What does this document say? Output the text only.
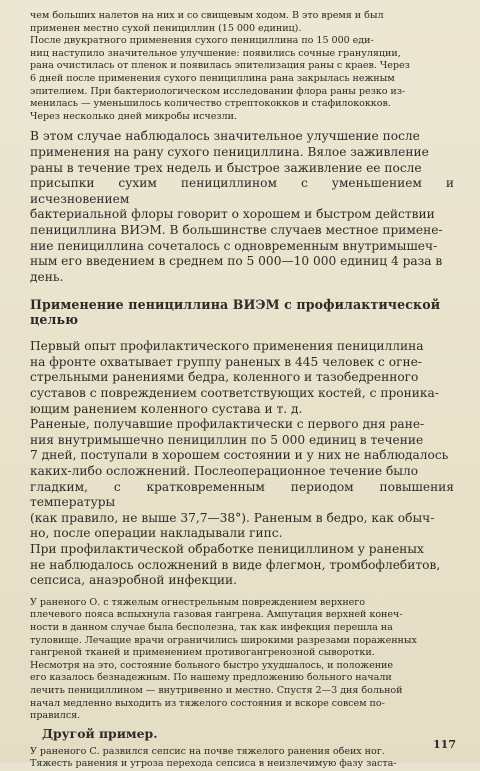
чем больших налетов на них и со свищевым ходом. В это время и был
применен местно сухой пенициллин (15 000 единиц).
После двукратного применения сухого пенициллина по 15 000 еди-
ниц наступило значительное улучшение: появились сочные грануляции,
рана очистилась от пленок и появилась эпителизация раны с краев. Через
6 дней после применения сухого пенициллина рана закрылась нежным
эпителием. При бактериологическом исследовании флора раны резко из-
менилась — уменьшилось количество стрептококков и стафилококков.
Через несколько дней микробы исчезли.

В этом случае наблюдалось значительное улучшение после
применения на рану сухого пенициллина. Вялое заживление
раны в течение трех недель и быстрое заживление ее после
присыпки сухим пенициллином с уменьшением и исчезновением
бактериальной флоры говорит о хорошем и быстром действии
пенициллина ВИЭМ. В большинстве случаев местное примене-
ние пенициллина сочеталось с одновременным внутримышеч-
ным его введением в среднем по 5 000—10 000 единиц 4 раза в
день.

Применение пенициллина ВИЭМ с профилактической целью

Первый опыт профилактического применения пенициллина
на фронте охватывает группу раненых в 445 человек с огне-
стрельными ранениями бедра, коленного и тазобедренного
суставов с повреждением соответствующих костей, с проника-
ющим ранением коленного сустава и т. д.

Раненые, получавшие профилактически с первого дня ране-
ния внутримышечно пенициллин по 5 000 единиц в течение
7 дней, поступали в хорошем состоянии и у них не наблюдалось
каких-либо осложнений. Послеоперационное течение было
гладким, с кратковременным периодом повышения температуры
(как правило, не выше 37,7—38°). Раненым в бедро, как обыч-
но, после операции накладывали гипс.

При профилактической обработке пенициллином у раненых
не наблюдалось осложнений в виде флегмон, тромбофлебитов,
сепсиса, анаэробной инфекции.

У раненого О. с тяжелым огнестрельным повреждением верхнего
плечевого пояса вспыхнула газовая гангрена. Ампутация верхней конеч-
ности в данном случае была бесполезна, так как инфекция перешла на
туловище. Лечащие врачи ограничились широкими разрезами пораженных
гангреной тканей и применением противогангренозной сыворотки.
Несмотря на это, состояние больного быстро ухудшалось, и положение
его казалось безнадежным. По нашему предложению больного начали
лечить пенициллином — внутривенно и местно. Спустя 2—3 дня больной
начал медленно выходить из тяжелого состояния и вскоре совсем по-
правился.

Другой пример.

У раненого С. развился сепсис на почве тяжелого ранения обеих ног.
Тяжесть ранения и угроза перехода сепсиса в неизлечимую фазу заста-

117
